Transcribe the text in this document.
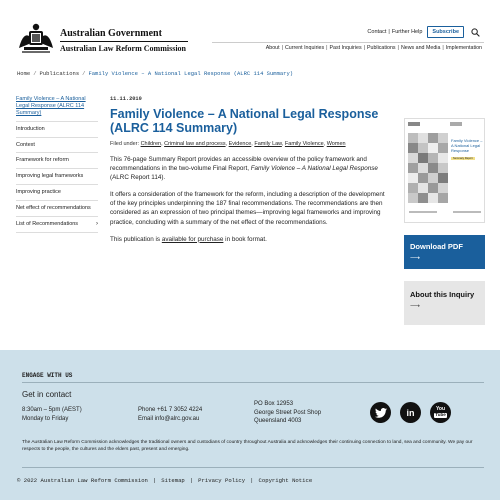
Australian Government
Australian Law Reform Commission
Contact | Further Help	Subscribe
About | Current Inquiries | Past Inquiries | Publications | News and Media | Implementation
Home / Publications / Family Violence – A National Legal Response (ALRC 114 Summary)
Family Violence – A National Legal Response (ALRC 114 Summary)
Introduction
Context
Framework for reform
Improving legal frameworks
Improving practice
Net effect of recommendations
List of Recommendations	›
11.11.2010
Family Violence – A National Legal Response (ALRC 114 Summary)
Filed under: Children, Criminal law and process, Evidence, Family Law, Family Violence, Women

This 76-page Summary Report provides an accessible overview of the policy framework and recommendations in the two-volume Final Report, Family Violence – A National Legal Response (ALRC Report 114).

It offers a consideration of the framework for the reform, including a description of the development of the key principles underpinning the 187 final recommendations. The recommendations are then considered as an expression of two principal themes—improving legal frameworks and improving practice, concluding with a summary of the net effect of the recommendations.

This publication is available for purchase in book format.

Family Violence – A National Legal Response
Summary Report
Download PDF
⟶
About this Inquiry
⟶
ENGAGE WITH US
Get in contact
8:30am – 5pm (AEST)
Monday to Friday
Phone +61 7 3052 4224
Email info@alrc.gov.au
PO Box 12953
George Street Post Shop
Queensland 4003
in	You
Tube
The Australian Law Reform Commission acknowledges the traditional owners and custodians of country throughout Australia and acknowledges their continuing connection to land, sea and community. We pay our respects to the people, the cultures and the elders past, present and emerging.
© 2022 Australian Law Reform Commission | Sitemap | Privacy Policy | Copyright Notice
